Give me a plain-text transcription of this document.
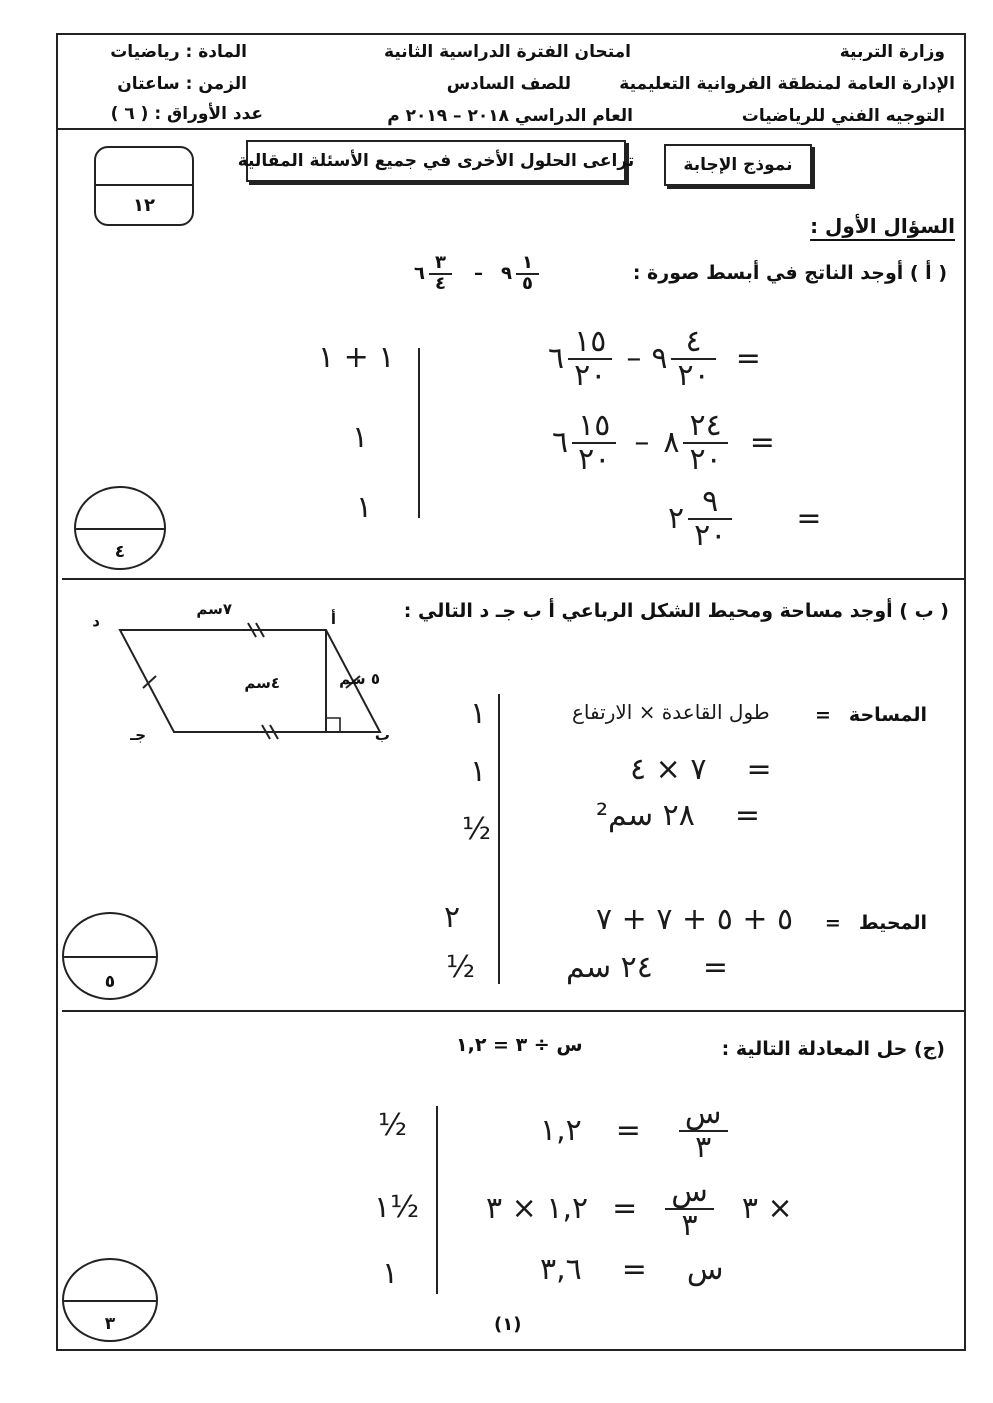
وزارة التربية
الإدارة العامة لمنطقة الفروانية التعليمية
التوجيه الفني للرياضيات
امتحان الفترة الدراسية الثانية
للصف السادس
العام الدراسي ٢٠١٨ – ٢٠١٩ م
المادة : رياضيات
الزمن : ساعتان
عدد الأوراق : ( ٦ )
نموذج الإجابة
تراعى الحلول الأخرى في جميع الأسئلة المقالية
١٢
السؤال الأول :
( أ ) أوجد الناتج في أبسط صورة :
٦ $\frac{٣}{٤}$ – ٩ $\frac{١}{٥}$
٦ $\frac{١٥}{٢٠}$ – ٩ $\frac{٤}{٢٠}$ =
٦ $\frac{١٥}{٢٠}$ – ٨ $\frac{٢٤}{٢٠}$ =
٢ $\frac{٩}{٢٠}$ =
١ + ١
١
١
٤
( ب ) أوجد مساحة ومحيط الشكل الرباعي أ ب جـ د التالي :
أ
ب
جـ
د
٧سم
٥ سم
٤سم
المساحة=
طول القاعدة × الارتفاع
٧ × ٤ =
٢٨ سم² =
المحيط=
٥ + ٥ + ٧ + ٧
٢٤ سم =
١
١
½
٢
½
٥
(ج) حل المعادلة التالية :
س ÷ ٣ = ١,٢
١,٢ = $\frac{\text{س}}{٣}$
١,٢ × ٣ = $\frac{\text{س}}{٣}$ ٣ ×
٣,٦ = س
½
١½
١
٣	(١)
